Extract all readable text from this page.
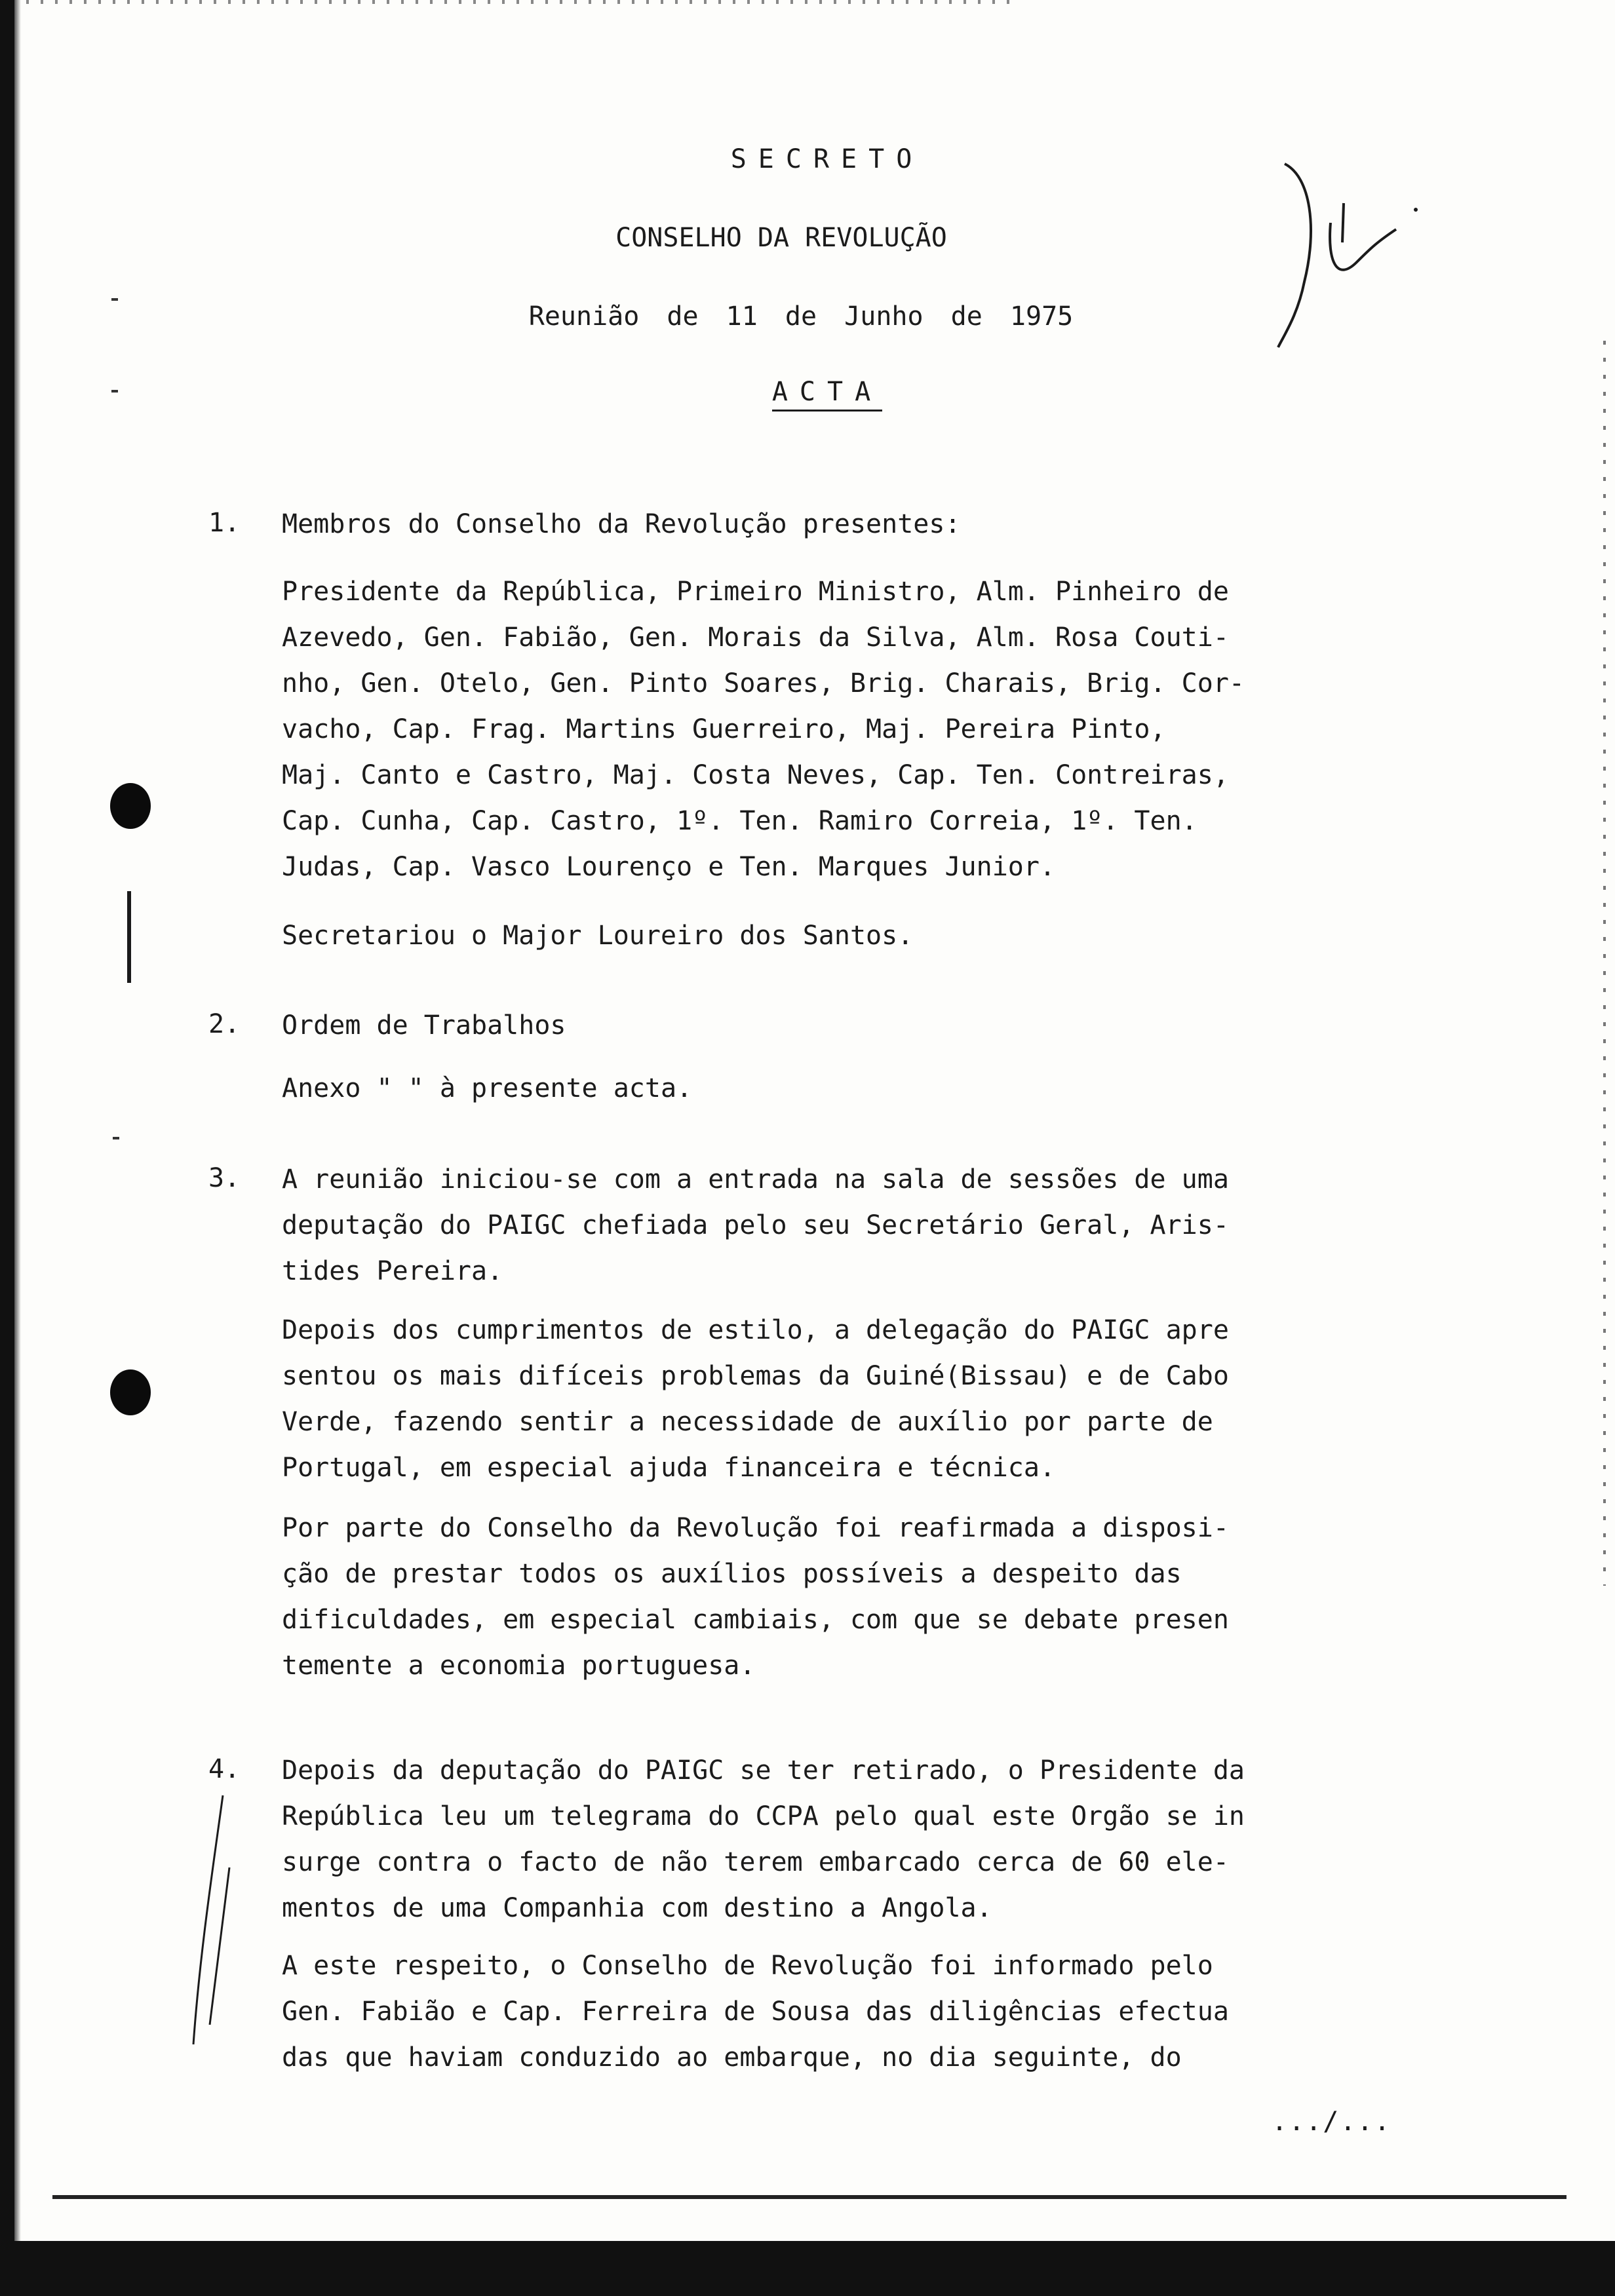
SECRETO
CONSELHO DA REVOLUÇÃO
Reunião de 11 de Junho de 1975
ACTA
1. Membros do Conselho da Revolução presentes:
Presidente da República, Primeiro Ministro, Alm. Pinheiro de
Azevedo, Gen. Fabião, Gen. Morais da Silva, Alm. Rosa Couti-
nho, Gen. Otelo, Gen. Pinto Soares, Brig. Charais, Brig. Cor-
vacho, Cap. Frag. Martins Guerreiro, Maj. Pereira Pinto,
Maj. Canto e Castro, Maj. Costa Neves, Cap. Ten. Contreiras,
Cap. Cunha, Cap. Castro, 1º. Ten. Ramiro Correia, 1º. Ten.
Judas, Cap. Vasco Lourenço e Ten. Marques Junior.
Secretariou o Major Loureiro dos Santos.
2. Ordem de Trabalhos
Anexo " " à presente acta.
3. A reunião iniciou-se com a entrada na sala de sessões de uma
deputação do PAIGC chefiada pelo seu Secretário Geral, Aris-
tides Pereira.
Depois dos cumprimentos de estilo, a delegação do PAIGC apre
sentou os mais difíceis problemas da Guiné(Bissau) e de Cabo
Verde, fazendo sentir a necessidade de auxílio por parte de
Portugal, em especial ajuda financeira e técnica.
Por parte do Conselho da Revolução foi reafirmada a disposi-
ção de prestar todos os auxílios possíveis a despeito das
dificuldades, em especial cambiais, com que se debate presen
temente a economia portuguesa.
4. Depois da deputação do PAIGC se ter retirado, o Presidente da
República leu um telegrama do CCPA pelo qual este Orgão se in
surge contra o facto de não terem embarcado cerca de 60 ele-
mentos de uma Companhia com destino a Angola.
A este respeito, o Conselho de Revolução foi informado pelo
Gen. Fabião e Cap. Ferreira de Sousa das diligências efectua
das que haviam conduzido ao embarque, no dia seguinte, do
.../...
